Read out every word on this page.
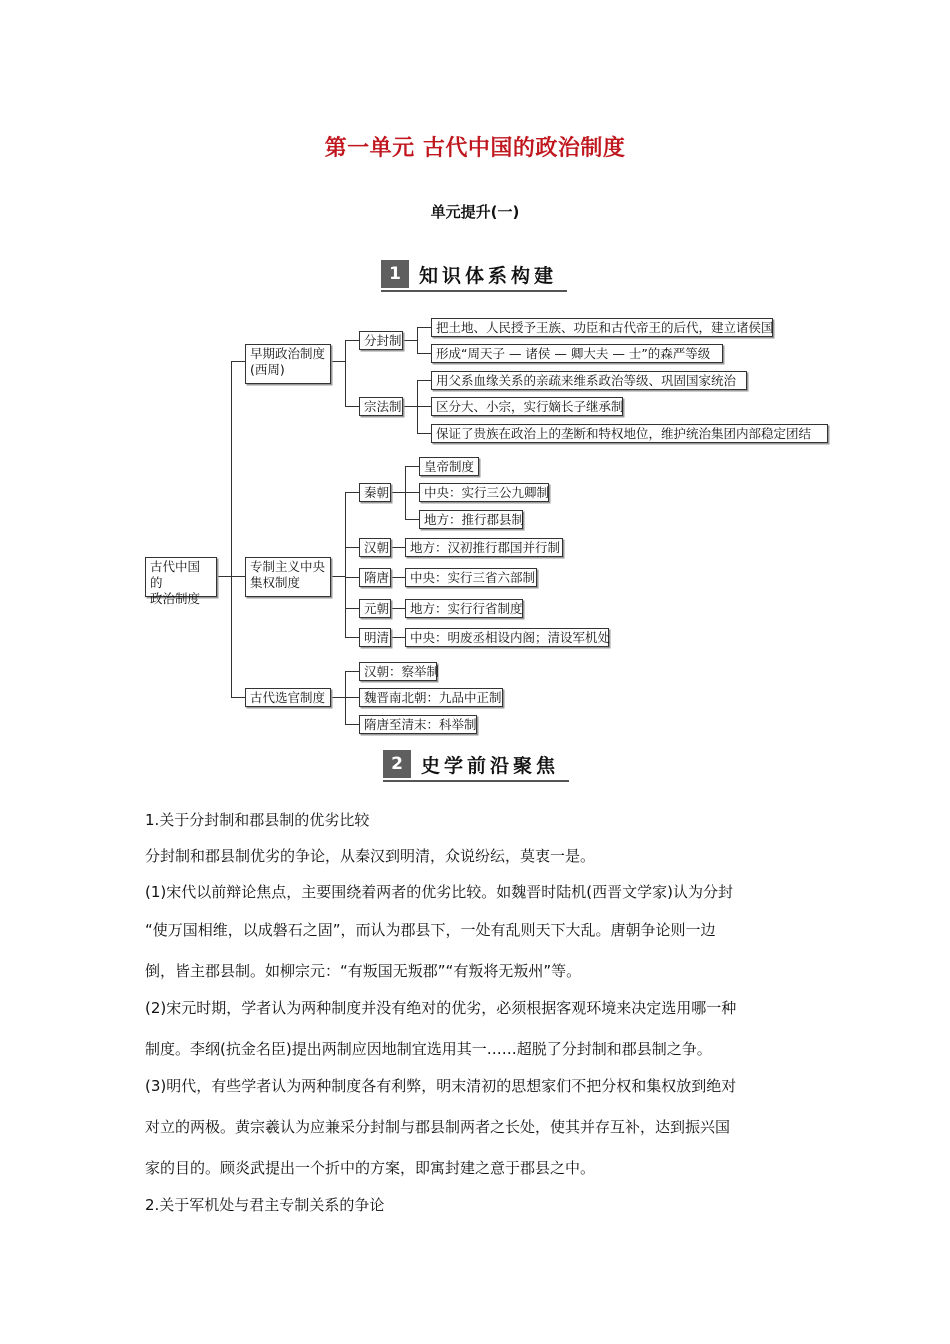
第一单元 古代中国的政治制度
单元提升(一)
1 知识体系构建
古代中国的
政治制度
早期政治制度
(西周)
分封制
把土地、人民授予王族、功臣和古代帝王的后代，建立诸侯国
形成“周天子 — 诸侯 — 卿大夫 — 士”的森严等级
宗法制
用父系血缘关系的亲疏来维系政治等级、巩固国家统治
区分大、小宗，实行嫡长子继承制
保证了贵族在政治上的垄断和特权地位，维护统治集团内部稳定团结
专制主义中央
集权制度
秦朝
皇帝制度
中央：实行三公九卿制
地方：推行郡县制
汉朝	地方：汉初推行郡国并行制
隋唐	中央：实行三省六部制
元朝	地方：实行行省制度
明清	中央：明废丞相设内阁；清设军机处
古代选官制度
汉朝：察举制
魏晋南北朝：九品中正制
隋唐至清末：科举制
2 史学前沿聚焦
1.关于分封制和郡县制的优劣比较
分封制和郡县制优劣的争论，从秦汉到明清，众说纷纭，莫衷一是。
(1)宋代以前辩论焦点，主要围绕着两者的优劣比较。如魏晋时陆机(西晋文学家)认为分封
“使万国相维，以成磐石之固”，而认为郡县下，一处有乱则天下大乱。唐朝争论则一边
倒，皆主郡县制。如柳宗元：“有叛国无叛郡”“有叛将无叛州”等。
(2)宋元时期，学者认为两种制度并没有绝对的优劣，必须根据客观环境来决定选用哪一种
制度。李纲(抗金名臣)提出两制应因地制宜选用其一……超脱了分封制和郡县制之争。
(3)明代，有些学者认为两种制度各有利弊，明末清初的思想家们不把分权和集权放到绝对
对立的两极。黄宗羲认为应兼采分封制与郡县制两者之长处，使其并存互补，达到振兴国
家的目的。顾炎武提出一个折中的方案，即寓封建之意于郡县之中。
2.关于军机处与君主专制关系的争论
